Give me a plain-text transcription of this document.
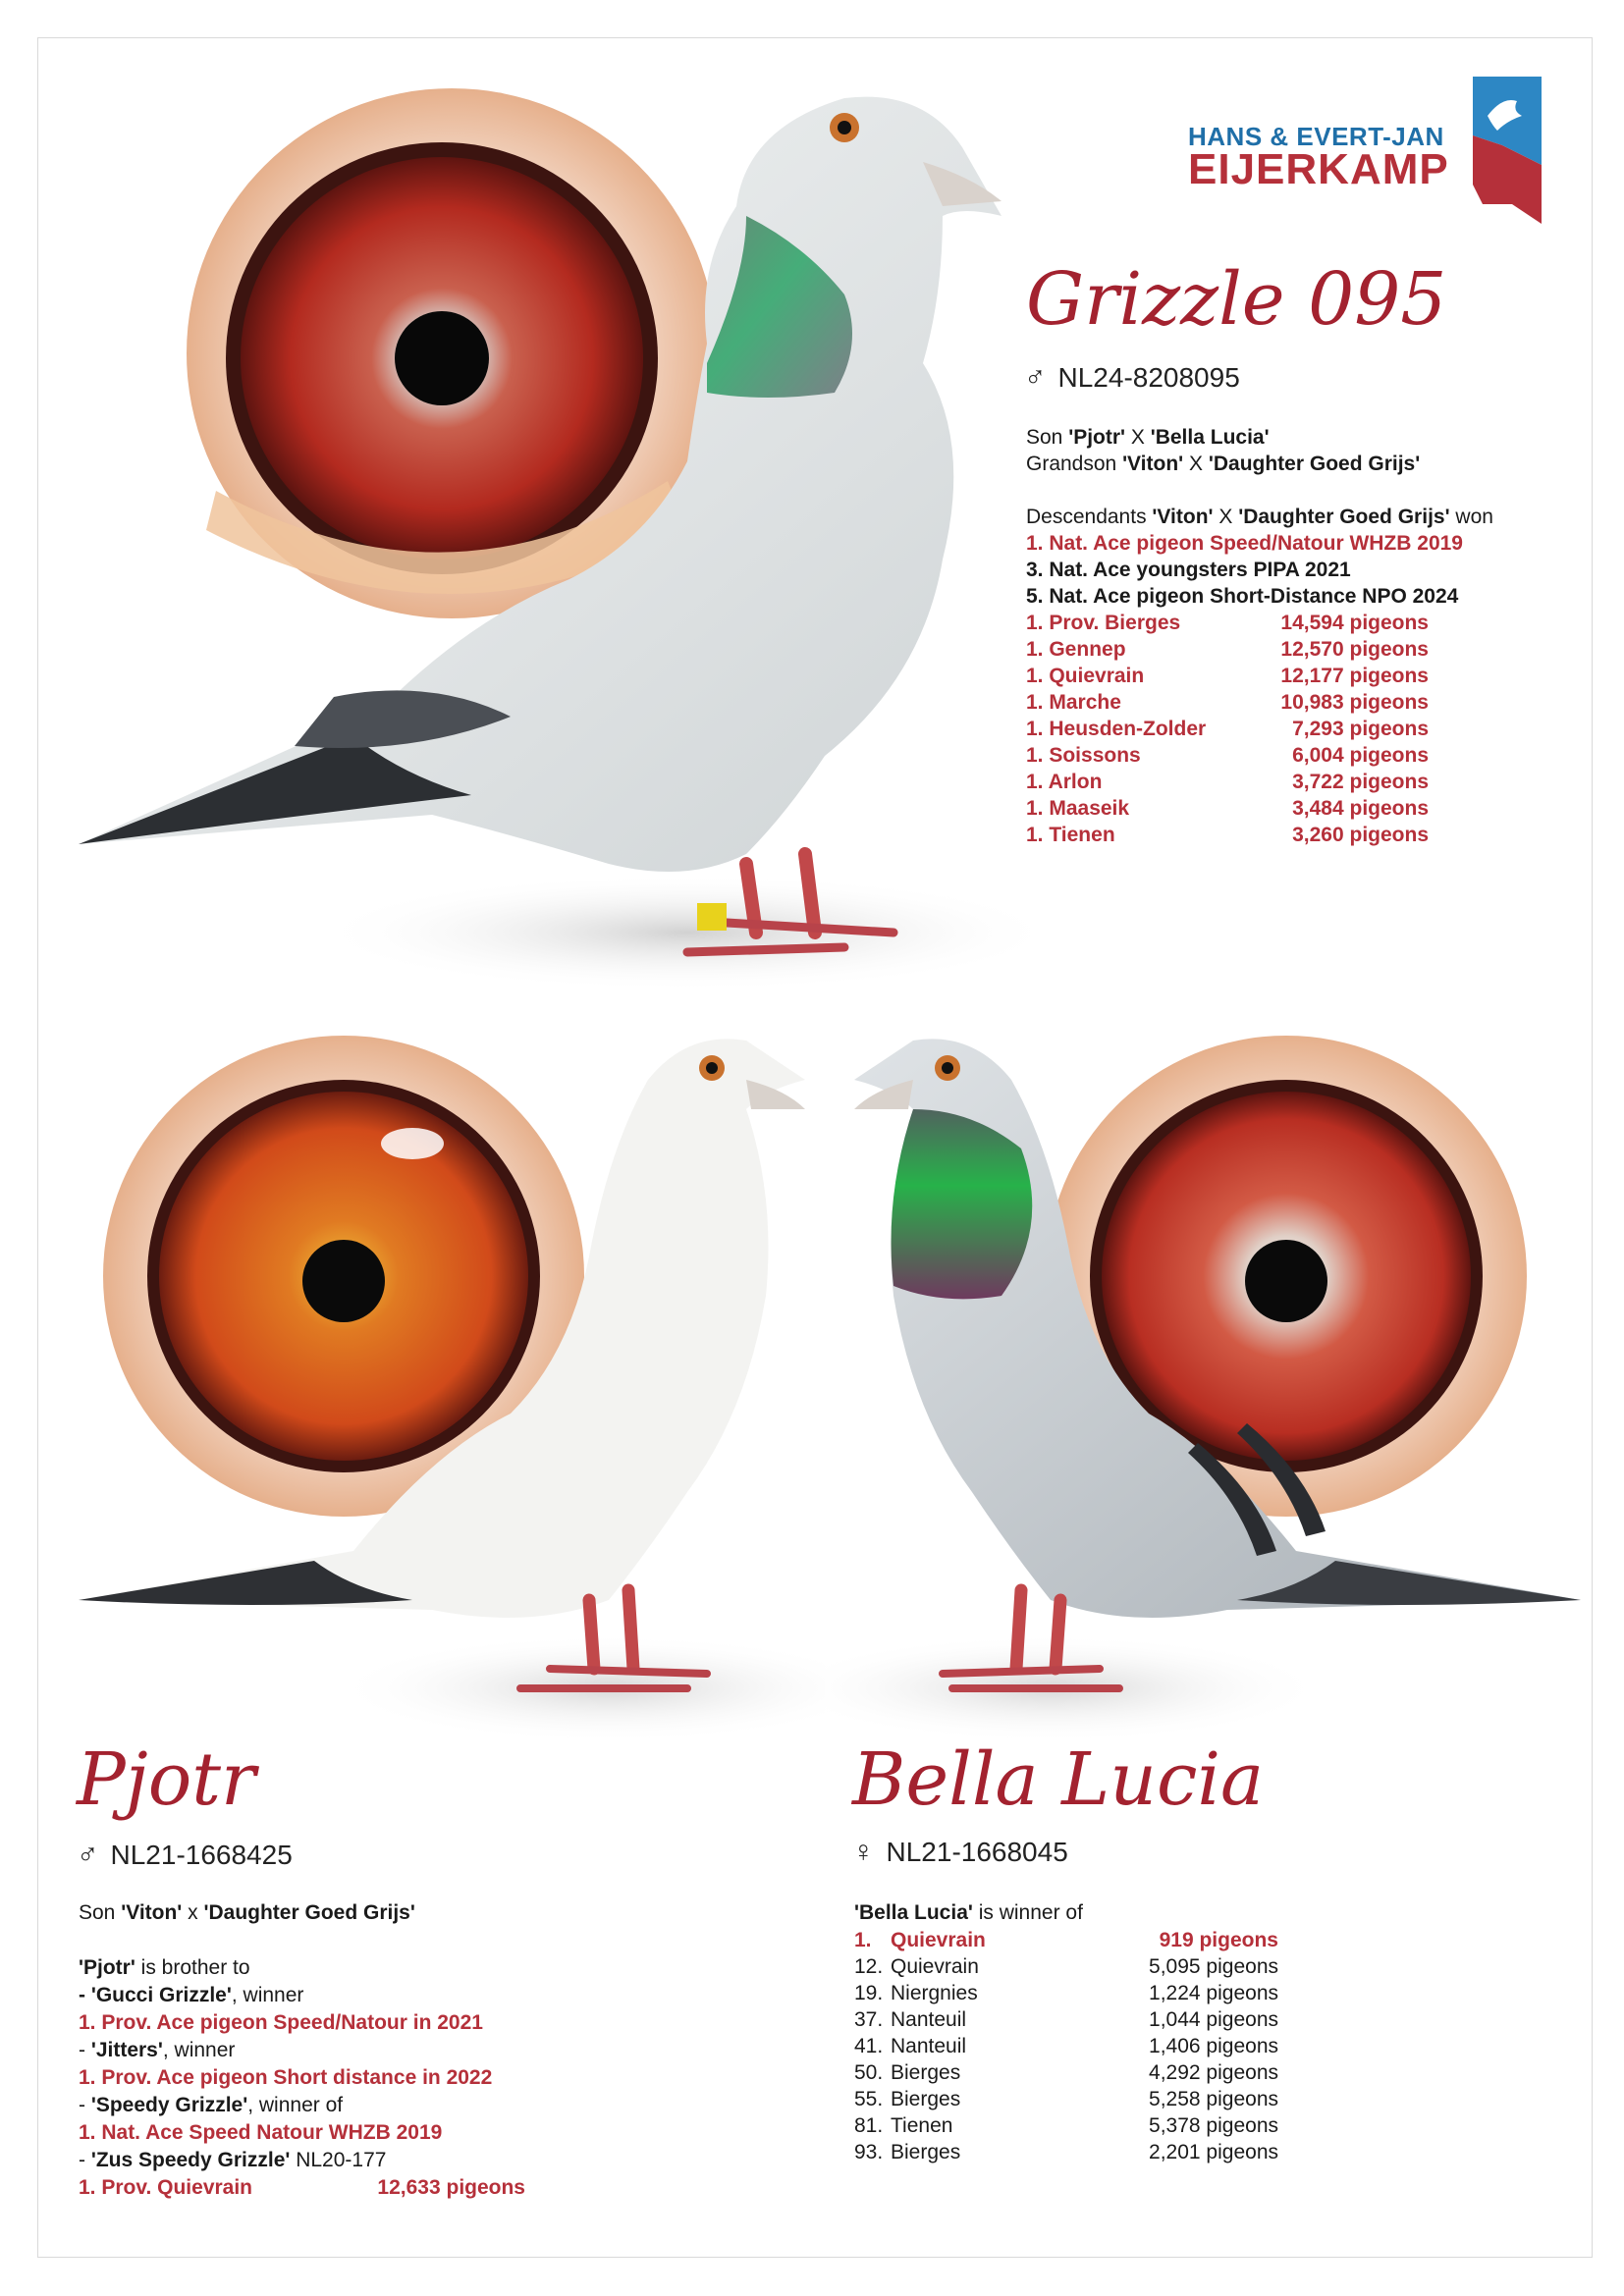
HANS & EVERT-JAN
EIJERKAMP
Grizzle 095
♂ NL24-8208095
Son 'Pjotr' X 'Bella Lucia'
Grandson 'Viton' X 'Daughter Goed Grijs'
Descendants 'Viton' X 'Daughter Goed Grijs' won
1. Nat. Ace pigeon Speed/Natour WHZB 2019
3. Nat. Ace youngsters PIPA 2021
5. Nat. Ace pigeon Short-Distance NPO 2024
1. Prov. Bierges	14,594 pigeons
1. Gennep	12,570 pigeons
1. Quievrain	12,177 pigeons
1. Marche	10,983 pigeons
1. Heusden-Zolder	7,293 pigeons
1. Soissons	6,004 pigeons
1. Arlon	3,722 pigeons
1. Maaseik	3,484 pigeons
1. Tienen	3,260 pigeons
Pjotr
♂ NL21-1668425
Son 'Viton' x 'Daughter Goed Grijs'
'Pjotr' is brother to
- 'Gucci Grizzle', winner
1. Prov. Ace pigeon Speed/Natour in 2021
- 'Jitters', winner
1. Prov. Ace pigeon Short distance in 2022
- 'Speedy Grizzle', winner of
1. Nat. Ace Speed Natour WHZB 2019
- 'Zus Speedy Grizzle' NL20-177
1. Prov. Quievrain	12,633 pigeons
Bella Lucia
♀ NL21-1668045
'Bella Lucia' is winner of
1. Quievrain	919 pigeons
12. Quievrain	5,095 pigeons
19. Niergnies	1,224 pigeons
37. Nanteuil	1,044 pigeons
41. Nanteuil	1,406 pigeons
50. Bierges	4,292 pigeons
55. Bierges	5,258 pigeons
81. Tienen	5,378 pigeons
93. Bierges	2,201 pigeons
